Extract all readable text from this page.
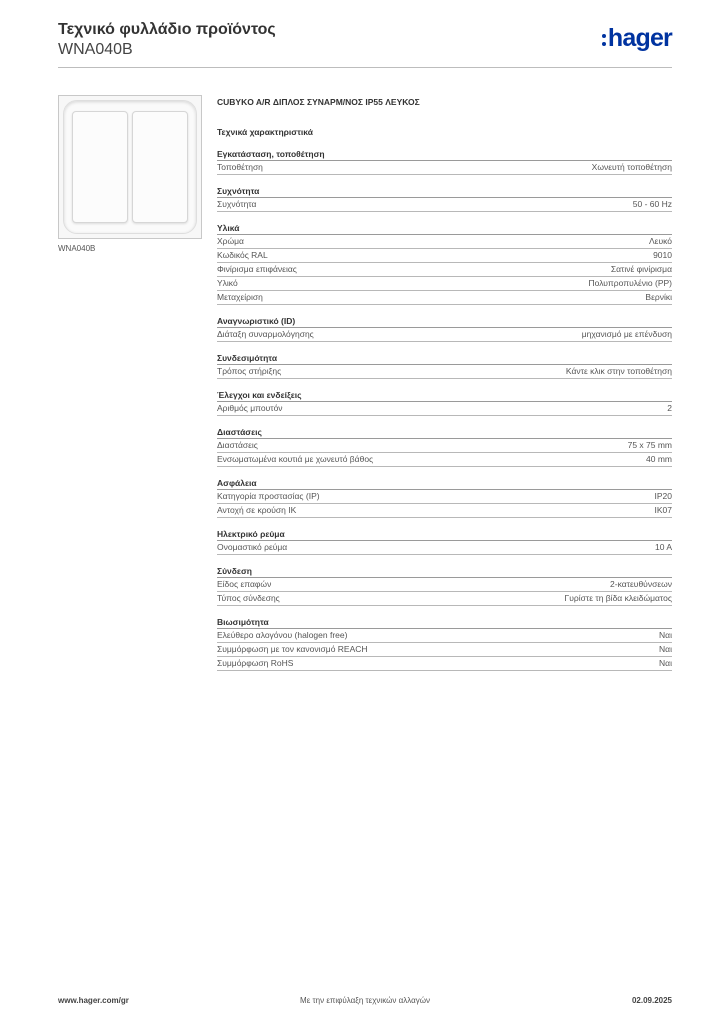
Τεχνικό φυλλάδιο προϊόντος
WNA040B	hager
WNA040B
CUBYKO A/R ΔΙΠΛΟΣ ΣΥΝΑΡΜ/ΝΟΣ IP55 ΛΕΥΚΟΣ
Τεχνικά χαρακτηριστικά
Εγκατάσταση, τοποθέτηση
Τοποθέτηση	Χωνευτή τοποθέτηση
Συχνότητα
Συχνότητα	50 - 60 Hz
Υλικά
Χρώμα	Λευκό
Κωδικός RAL	9010
Φινίρισμα επιφάνειας	Σατινέ φινίρισμα
Υλικό	Πολυπροπυλένιο (PP)
Μεταχείριση	Βερνίκι
Αναγνωριστικό (ID)
Διάταξη συναρμολόγησης	μηχανισμό με επένδυση
Συνδεσιμότητα
Τρόπος στήριξης	Κάντε κλικ στην τοποθέτηση
Έλεγχοι και ενδείξεις
Αριθμός μπουτόν	2
Διαστάσεις
Διαστάσεις	75 x 75 mm
Ενσωματωμένα κουτιά με χωνευτό βάθος	40 mm
Ασφάλεια
Κατηγορία προστασίας (IP)	IP20
Αντοχή σε κρούση IK	IK07
Ηλεκτρικό ρεύμα
Ονομαστικό ρεύμα	10 A
Σύνδεση
Είδος επαφών	2-κατευθύνσεων
Τύπος σύνδεσης	Γυρίστε τη βίδα κλειδώματος
Βιωσιμότητα
Ελεύθερο αλογόνου (halogen free)	Ναι
Συμμόρφωση με τον κανονισμό REACH	Ναι
Συμμόρφωση RoHS	Ναι
Με την επιφύλαξη τεχνικών αλλαγών
www.hager.com/gr	02.09.2025
